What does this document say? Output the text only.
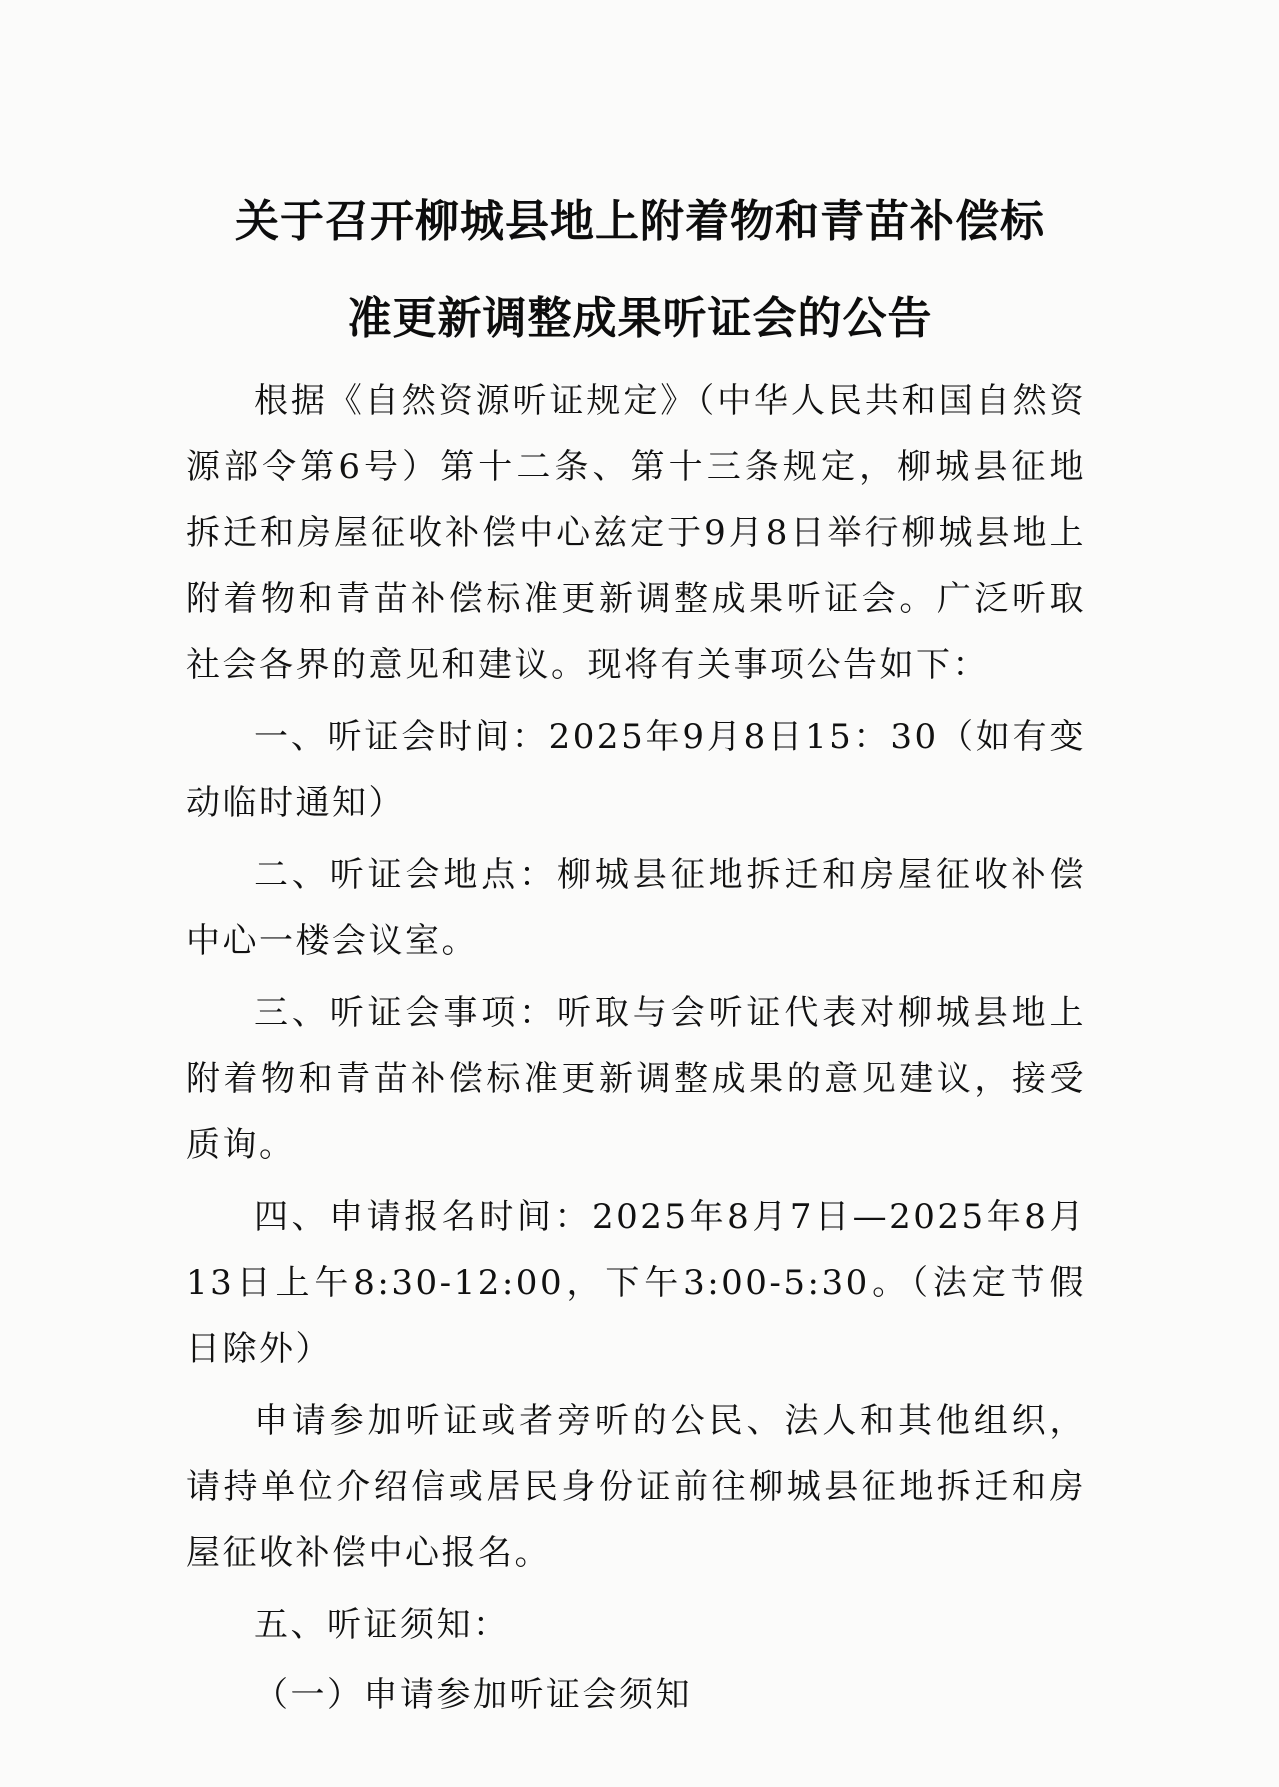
关于召开柳城县地上附着物和青苗补偿标
准更新调整成果听证会的公告

根据《自然资源听证规定》（中华人民共和国自然资源部令第6号）第十二条、第十三条规定，柳城县征地拆迁和房屋征收补偿中心兹定于9月8日举行柳城县地上附着物和青苗补偿标准更新调整成果听证会。广泛听取社会各界的意见和建议。现将有关事项公告如下：

一、听证会时间：2025年9月8日15：30（如有变动临时通知）

二、听证会地点：柳城县征地拆迁和房屋征收补偿中心一楼会议室。

三、听证会事项：听取与会听证代表对柳城县地上附着物和青苗补偿标准更新调整成果的意见建议，接受质询。

四、申请报名时间：2025年8月7日—2025年8月13日上午8:30-12:00，下午3:00-5:30。（法定节假日除外）

申请参加听证或者旁听的公民、法人和其他组织，请持单位介绍信或居民身份证前往柳城县征地拆迁和房屋征收补偿中心报名。

五、听证须知：

（一）申请参加听证会须知
